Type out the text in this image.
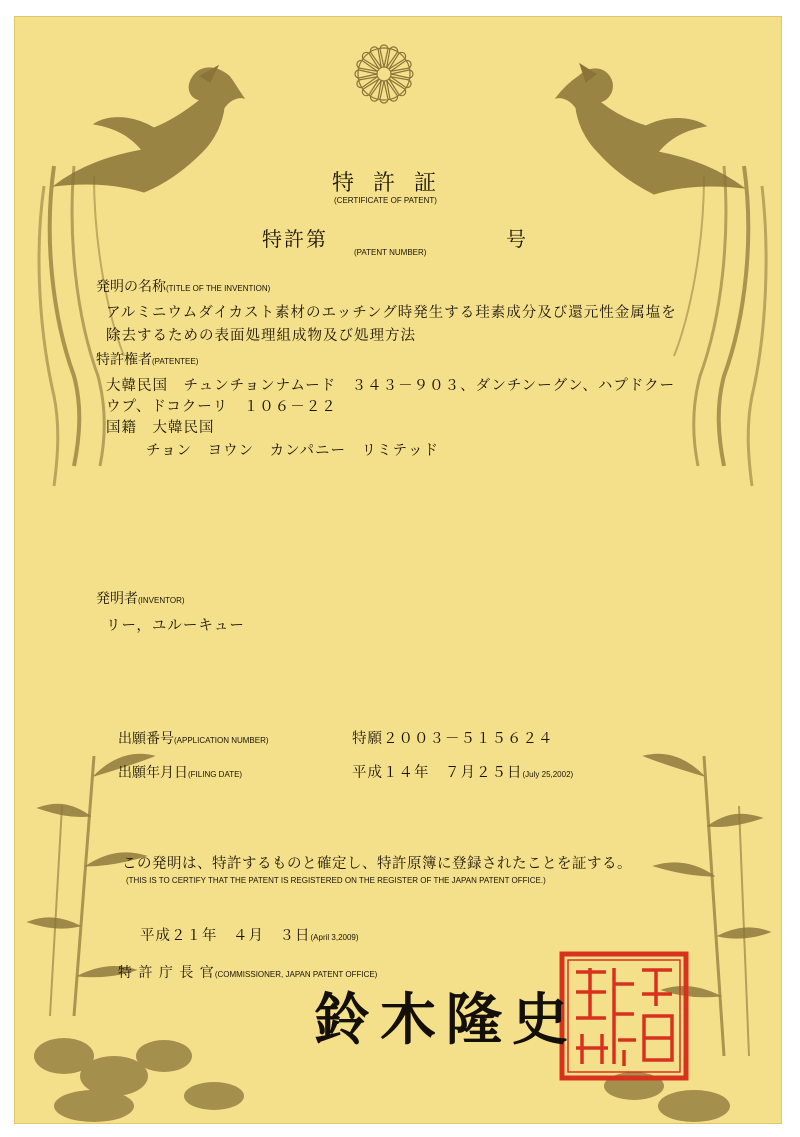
特 許 証
(CERTIFICATE OF PATENT)
特許第	号
(PATENT NUMBER)
発明の名称(TITLE OF THE INVENTION)
アルミニウムダイカスト素材のエッチング時発生する珪素成分及び還元性金属塩を
除去するための表面処理組成物及び処理方法
特許権者(PATENTEE)
大韓民国　チュンチョンナムード　３４３－９０３、ダンチンーグン、ハプドクー
ウプ、ドコクーリ　１０６－２２
国籍　大韓民国
チョン　ヨウン　カンパニー　リミテッド
発明者(INVENTOR)
リー，ユルーキュー
出願番号(APPLICATION NUMBER)	特願２００３－５１５６２４
出願年月日(FILING DATE)	平成１４年　７月２５日(July 25,2002)
この発明は、特許するものと確定し、特許原簿に登録されたことを証する。
(THIS IS TO CERTIFY THAT THE PATENT IS REGISTERED ON THE REGISTER OF THE JAPAN PATENT OFFICE.)
平成２１年　４月　３日(April 3,2009)
特 許 庁 長 官(COMMISSIONER, JAPAN PATENT OFFICE)
鈴木隆史
